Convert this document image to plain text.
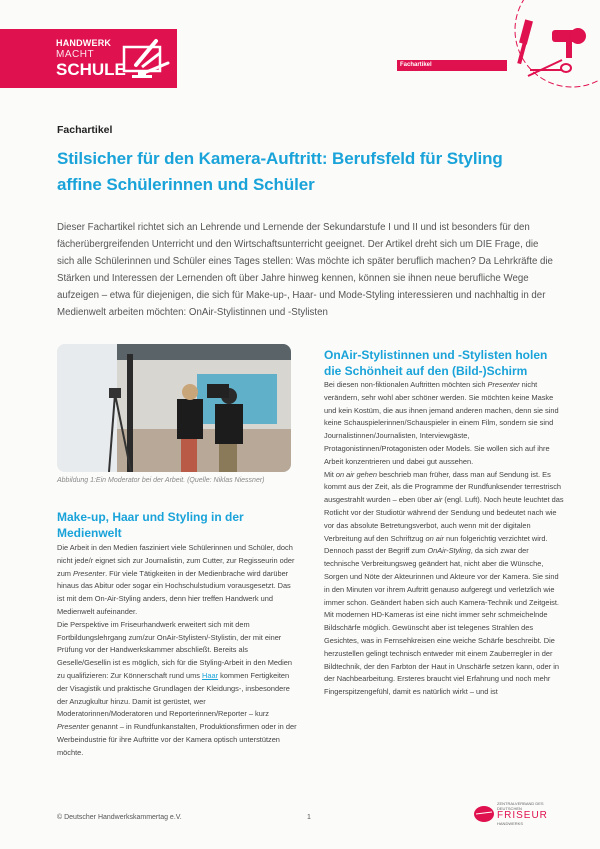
HANDWERK
MACHT
SCHULE	Fachartikel
Fachartikel
Stilsicher für den Kamera-Auftritt: Berufsfeld für Styling affine Schülerinnen und Schüler

Dieser Fachartikel richtet sich an Lehrende und Lernende der Sekundarstufe I und II und ist besonders für den fächerübergreifenden Unterricht und den Wirtschaftsunterricht geeignet. Der Artikel dreht sich um DIE Frage, die sich alle Schülerinnen und Schüler eines Tages stellen: Was möchte ich später beruflich machen? Da Lehrkräfte die Stärken und Interessen der Lernenden oft über Jahre hinweg kennen, können sie ihnen neue berufliche Wege aufzeigen – etwa für diejenigen, die sich für Make-up-, Haar- und Mode-Styling interessieren und nachhaltig in der Medienwelt arbeiten möchten: OnAir-Stylistinnen und -Stylisten

Abbildung 1:Ein Moderator bei der Arbeit. (Quelle: Niklas Niessner)
Make-up, Haar und Styling in der Medienwelt

Die Arbeit in den Medien fasziniert viele Schülerinnen und Schüler, doch nicht jede/r eignet sich zur Journalistin, zum Cutter, zur Regisseurin oder zum Presenter. Für viele Tätigkeiten in der Medienbrache wird darüber hinaus das Abitur oder sogar ein Hochschulstudium vorausgesetzt. Das ist mit dem On-Air-Styling anders, denn hier treffen Handwerk und Medienwelt aufeinander.

Die Perspektive im Friseurhandwerk erweitert sich mit dem Fortbildungslehrgang zum/zur OnAir-Stylisten/-Stylistin, der mit einer Prüfung vor der Handwerkskammer abschließt. Bereits als Geselle/Gesellin ist es möglich, sich für die Styling-Arbeit in den Medien zu qualifizieren: Zur Könnerschaft rund ums Haar kommen Fertigkeiten der Visagistik und praktische Grundlagen der Kleidungs-, insbesondere der Anzugkultur hinzu. Damit ist gerüstet, wer Moderatorinnen/Moderatoren und Reporterinnen/Reporter – kurz Presenter genannt – in Rundfunkanstalten, Produktionsfirmen oder in der Werbeindustrie für ihre Auftritte vor der Kamera optisch unterstützen möchte.

OnAir-Stylistinnen und -Stylisten holen die Schönheit auf den (Bild-)Schirm

Bei diesen non-fiktionalen Auftritten möchten sich Presenter nicht verändern, sehr wohl aber schöner werden. Sie möchten keine Maske und kein Kostüm, die aus ihnen jemand anderen machen, denn sie sind keine Schauspielerinnen/Schauspieler in einem Film, sondern sie sind Journalistinnen/Journalisten, Interviewgäste, Protagonistinnen/Protagonisten oder Models. Sie wollen sich auf ihre Arbeit konzentrieren und dabei gut aussehen.

Mit on air gehen beschrieb man früher, dass man auf Sendung ist. Es kommt aus der Zeit, als die Programme der Rundfunksender terrestrisch ausgestrahlt wurden – eben über air (engl. Luft). Noch heute leuchtet das Rotlicht vor der Studiotür während der Sendung und bedeutet nach wie vor das absolute Betretungsverbot, auch wenn mit der digitalen Verbreitung auf den Schriftzug on air nun folgerichtig verzichtet wird.

Dennoch passt der Begriff zum OnAir-Styling, da sich zwar der technische Verbreitungsweg geändert hat, nicht aber die Wünsche, Sorgen und Nöte der Akteurinnen und Akteure vor der Kamera. Sie sind in den Minuten vor ihrem Auftritt genauso aufgeregt und verletzlich wie immer schon. Geändert haben sich auch Kamera-Technik und Zeitgeist. Mit modernen HD-Kameras ist eine nicht immer sehr schmeichelnde Bildschärfe möglich. Gewünscht aber ist telegenes Strahlen des Gesichtes, was in Fernsehkreisen eine weiche Schärfe beschreibt. Die herzustellen gelingt technisch entweder mit einem Zauberregler in der Bildtechnik, der den Farbton der Haut in Unschärfe setzen kann, oder in der Nachbearbeitung. Ersteres braucht viel Erfahrung und noch mehr Fingerspitzengefühl, damit es natürlich wirkt – und ist

© Deutscher Handwerkskammertag e.V.	1
ZENTRALVERBAND DES DEUTSCHEN
FRISEUR
HANDWERKS
